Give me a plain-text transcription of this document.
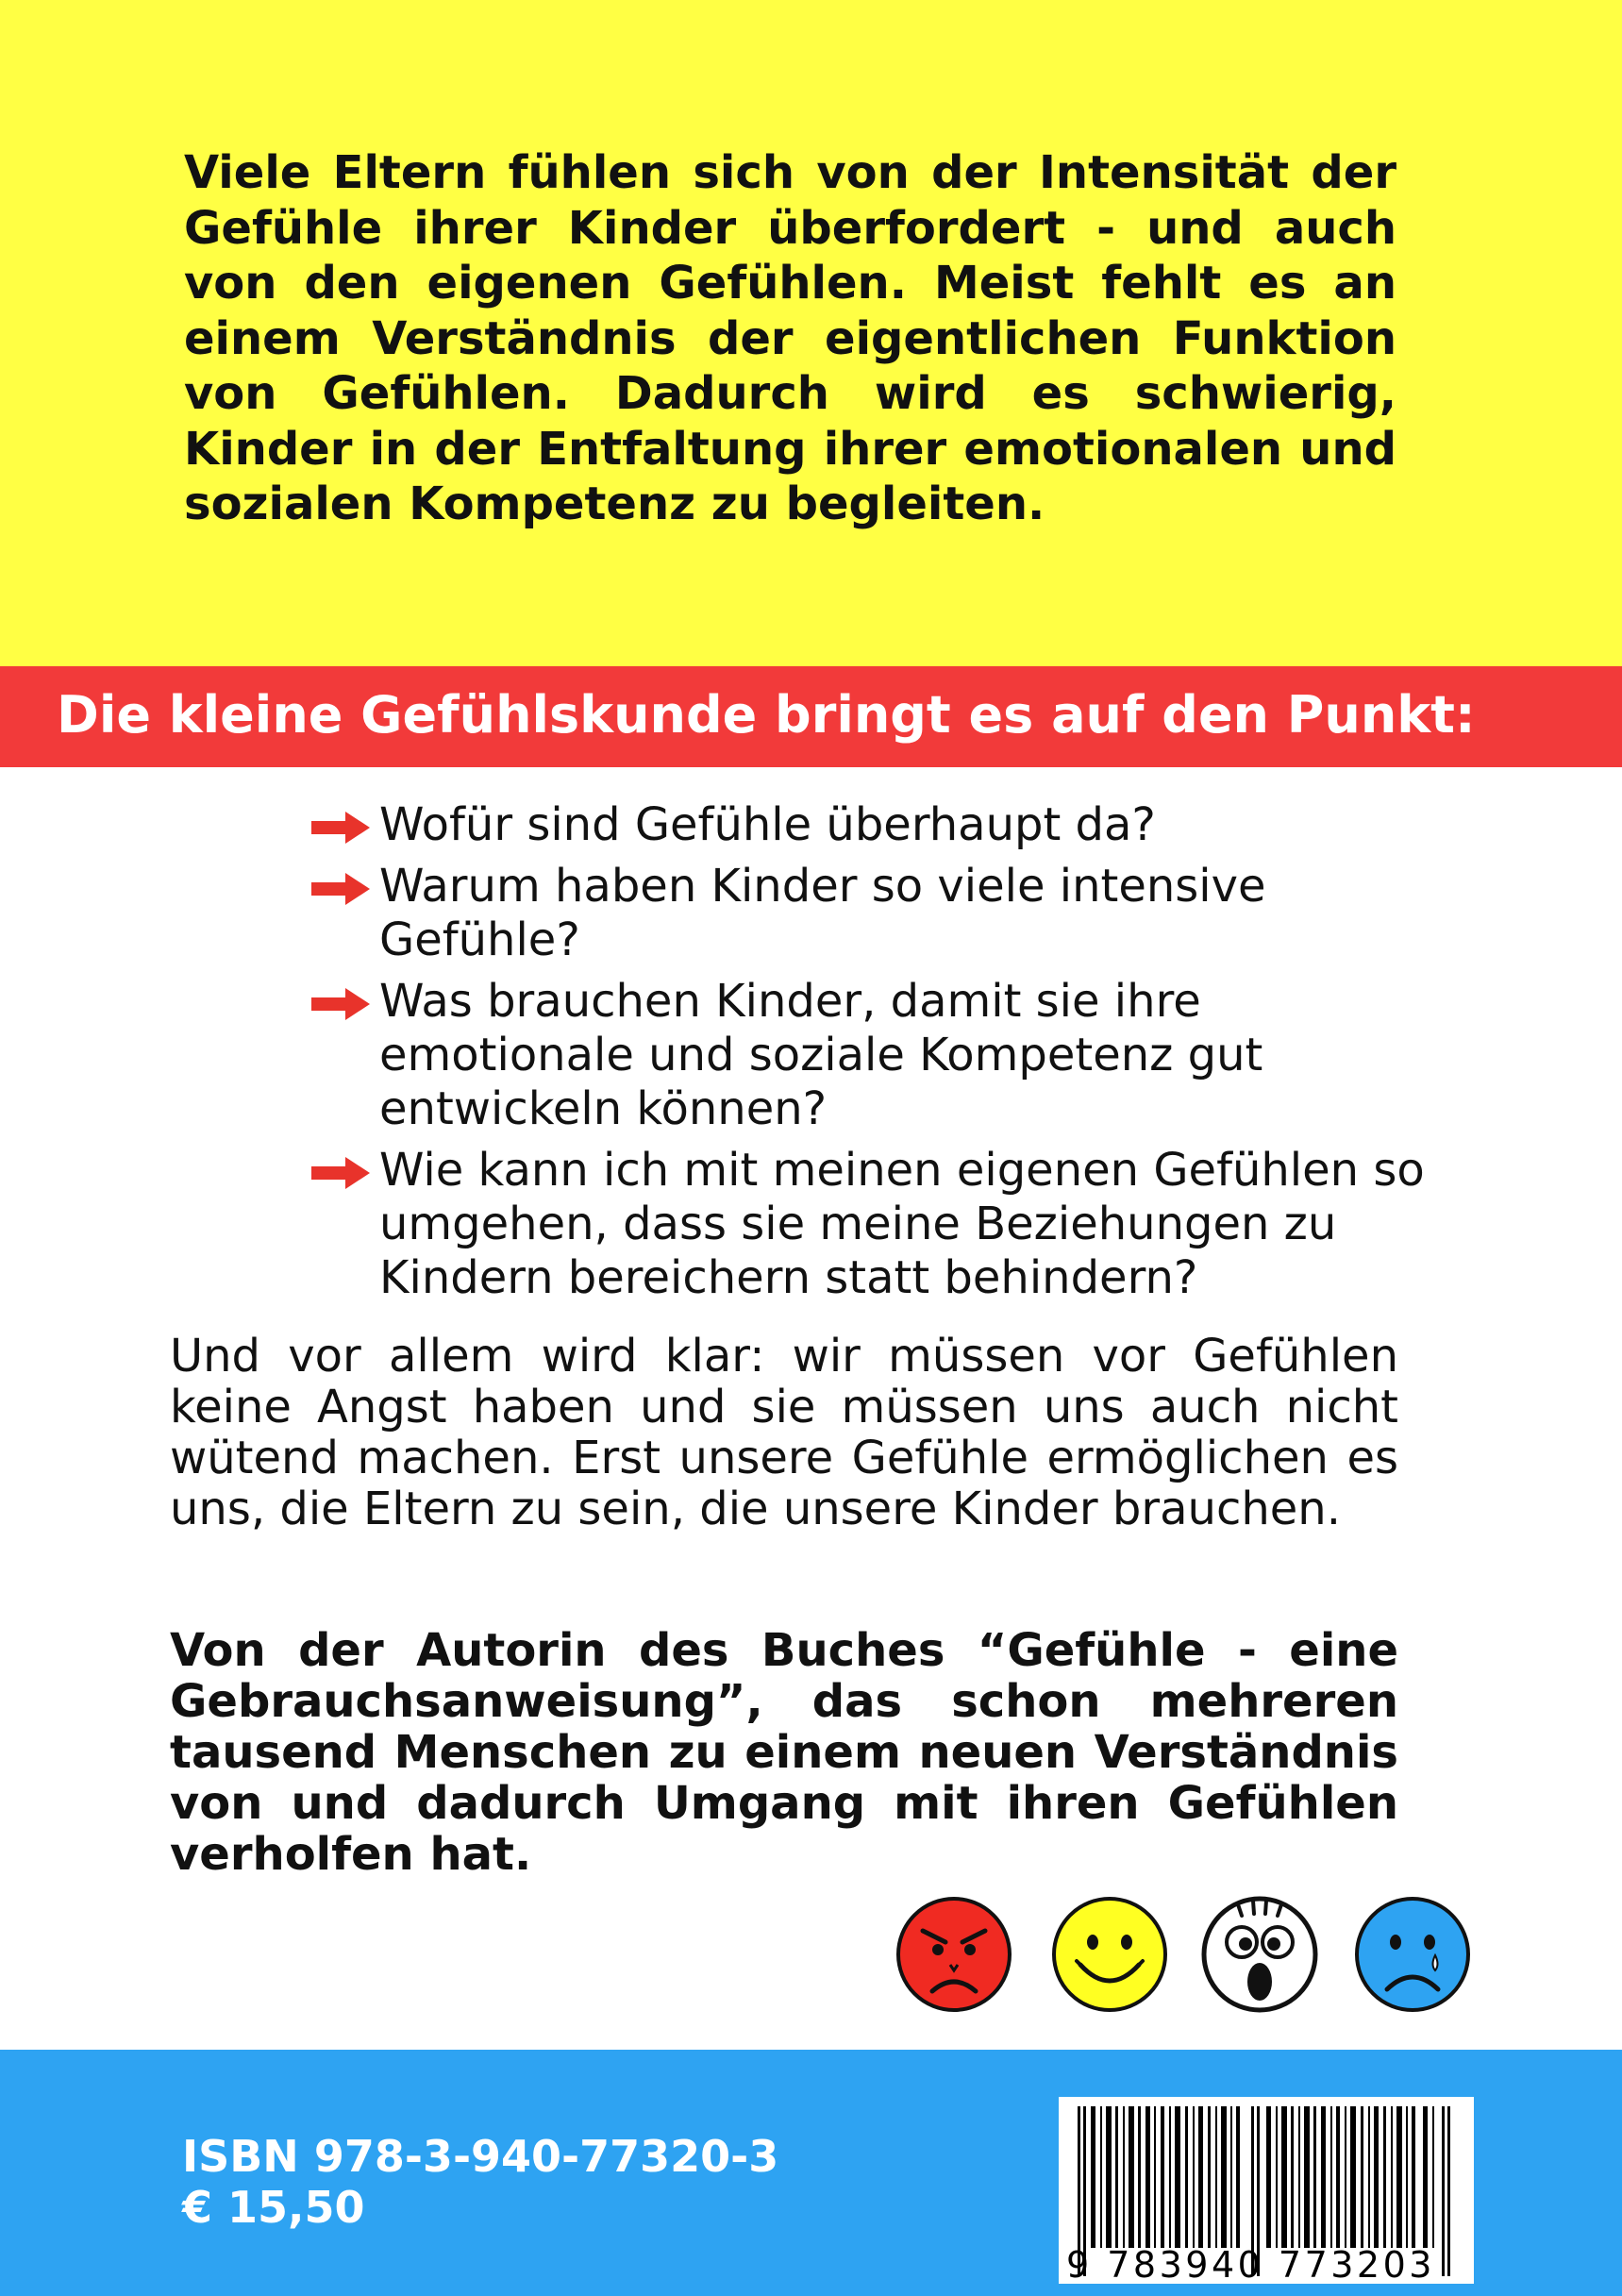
Viele Eltern fühlen sich von der Intensität der Gefühle ihrer Kinder überfordert - und auch von den eigenen Gefühlen. Meist fehlt es an einem Verständnis der eigentlichen Funktion von Gefühlen. Dadurch wird es schwierig, Kinder in der Entfaltung ihrer emotionalen und sozialen Kompetenz zu begleiten.

Die kleine Gefühlskunde bringt es auf den Punkt:
Wofür sind Gefühle überhaupt da?
Warum haben Kinder so viele intensive Gefühle?
Was brauchen Kinder, damit sie ihre emotionale und soziale Kompetenz gut entwickeln können?
Wie kann ich mit meinen eigenen Gefühlen so umgehen, dass sie meine Beziehungen zu Kindern bereichern statt behindern?

Und vor allem wird klar: wir müssen vor Gefühlen keine Angst haben und sie müssen uns auch nicht wütend machen. Erst unsere Gefühle ermöglichen es uns, die Eltern zu sein, die unsere Kinder brauchen.

Von der Autorin des Buches “Gefühle - eine Gebrauchsanweisung”, das schon mehreren tausend Menschen zu einem neuen Verständnis von und dadurch Umgang mit ihren Gefühlen verholfen hat.

ISBN 978-3-940-77320-3

€ 15,50

9 783940 773203
